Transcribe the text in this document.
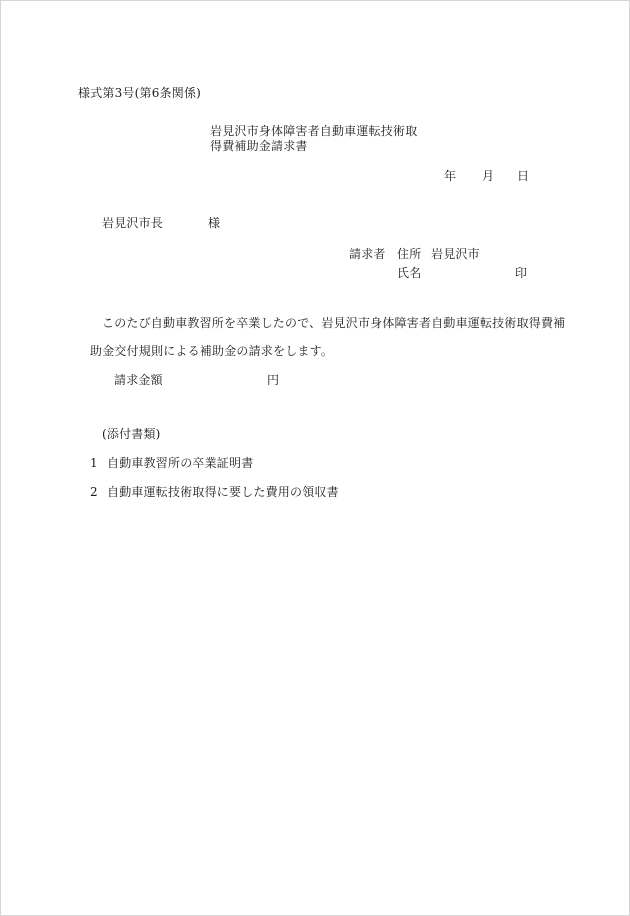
様式第3号(第6条関係)
岩見沢市身体障害者自動車運転技術取
得費補助金請求書
年 月 日
岩見沢市長	様
請求者 住所 岩見沢市
氏名	印
このたび自動車教習所を卒業したので、岩見沢市身体障害者自動車運転技術取得費補
助金交付規則による補助金の請求をします。
請求金額	円
(添付書類)
1 自動車教習所の卒業証明書
2 自動車運転技術取得に要した費用の領収書
